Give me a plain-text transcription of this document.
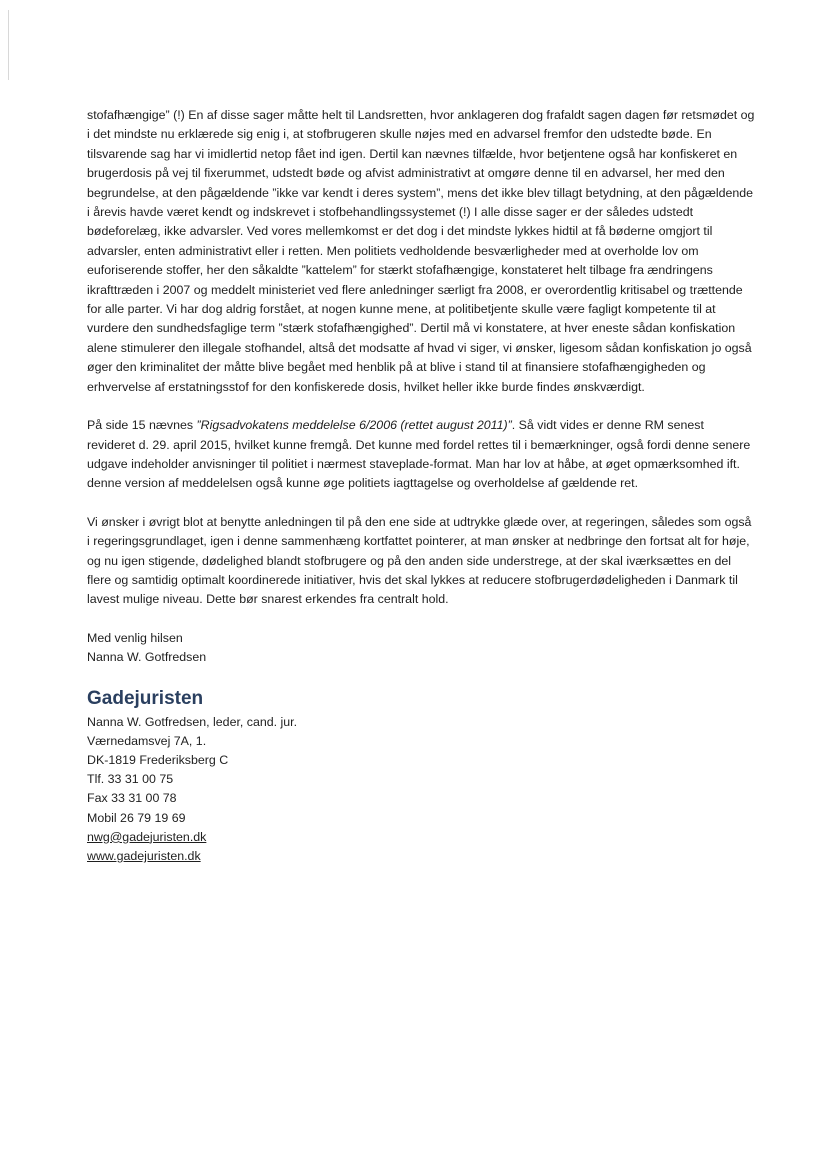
stofafhængige” (!) En af disse sager måtte helt til Landsretten, hvor anklageren dog frafaldt sagen dagen før retsmødet og i det mindste nu erklærede sig enig i, at stofbrugeren skulle nøjes med en advarsel fremfor den udstedte bøde. En tilsvarende sag har vi imidlertid netop fået ind igen. Dertil kan nævnes tilfælde, hvor betjentene også har konfiskeret en brugerdosis på vej til fixerummet, udstedt bøde og afvist administrativt at omgøre denne til en advarsel, her med den begrundelse, at den pågældende ”ikke var kendt i deres system”, mens det ikke blev tillagt betydning, at den pågældende i årevis havde været kendt og indskrevet i stofbehandlingssystemet (!) I alle disse sager er der således udstedt bødeforelæg, ikke advarsler. Ved vores mellemkomst er det dog i det mindste lykkes hidtil at få bøderne omgjort til advarsler, enten administrativt eller i retten. Men politiets vedholdende besværligheder med at overholde lov om euforiserende stoffer, her den såkaldte ”kattelem” for stærkt stofafhængige, konstateret helt tilbage fra ændringens ikrafttræden i 2007 og meddelt ministeriet ved flere anledninger særligt fra 2008, er overordentlig kritisabel og trættende for alle parter. Vi har dog aldrig forstået, at nogen kunne mene, at politibetjente skulle være fagligt kompetente til at vurdere den sundhedsfaglige term ”stærk stofafhængighed”. Dertil må vi konstatere, at hver eneste sådan konfiskation alene stimulerer den illegale stofhandel, altså det modsatte af hvad vi siger, vi ønsker, ligesom sådan konfiskation jo også øger den kriminalitet der måtte blive begået med henblik på at blive i stand til at finansiere stofafhængigheden og erhvervelse af erstatningsstof for den konfiskerede dosis, hvilket heller ikke burde findes ønskværdigt.

På side 15 nævnes ”Rigsadvokatens meddelelse 6/2006 (rettet august 2011)”. Så vidt vides er denne RM senest revideret d. 29. april 2015, hvilket kunne fremgå. Det kunne med fordel rettes til i bemærkninger, også fordi denne senere udgave indeholder anvisninger til politiet i nærmest staveplade-format. Man har lov at håbe, at øget opmærksomhed ift. denne version af meddelelsen også kunne øge politiets iagttagelse og overholdelse af gældende ret.

Vi ønsker i øvrigt blot at benytte anledningen til på den ene side at udtrykke glæde over, at regeringen, således som også i regeringsgrundlaget, igen i denne sammenhæng kortfattet pointerer, at man ønsker at nedbringe den fortsat alt for høje, og nu igen stigende, dødelighed blandt stofbrugere og på den anden side understrege, at der skal iværksættes en del flere og samtidig optimalt koordinerede initiativer, hvis det skal lykkes at reducere stofbrugerdødeligheden i Danmark til lavest mulige niveau. Dette bør snarest erkendes fra centralt hold.

Med venlig hilsen
Nanna W. Gotfredsen
Gadejuristen
Nanna W. Gotfredsen, leder, cand. jur.
Værnedamsvej 7A, 1.
DK-1819 Frederiksberg C
Tlf. 33 31 00 75
Fax 33 31 00 78
Mobil 26 79 19 69
nwg@gadejuristen.dk
www.gadejuristen.dk
